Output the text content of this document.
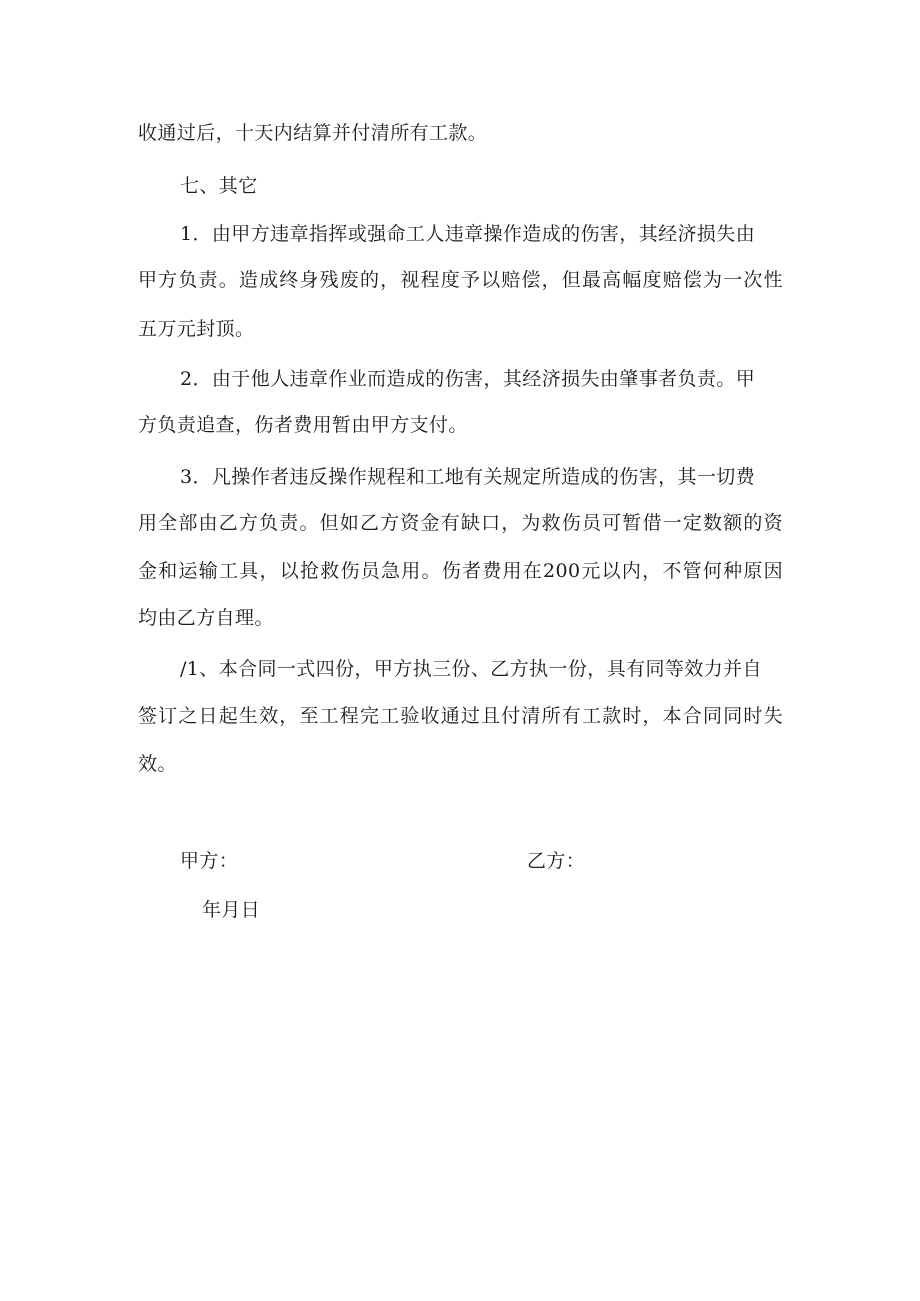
收通过后，十天内结算并付清所有工款。
七、其它
1．由甲方违章指挥或强命工人违章操作造成的伤害，其经济损失由
甲方负责。造成终身残废的，视程度予以赔偿，但最高幅度赔偿为一次性
五万元封顶。
2．由于他人违章作业而造成的伤害，其经济损失由肇事者负责。甲
方负责追查，伤者费用暂由甲方支付。
3．凡操作者违反操作规程和工地有关规定所造成的伤害，其一切费
用全部由乙方负责。但如乙方资金有缺口，为救伤员可暂借一定数额的资
金和运输工具，以抢救伤员急用。伤者费用在200元以内，不管何种原因
均由乙方自理。
/1、本合同一式四份，甲方执三份、乙方执一份，具有同等效力并自
签订之日起生效，至工程完工验收通过且付清所有工款时，本合同同时失
效。
甲方：	乙方：
年月日
